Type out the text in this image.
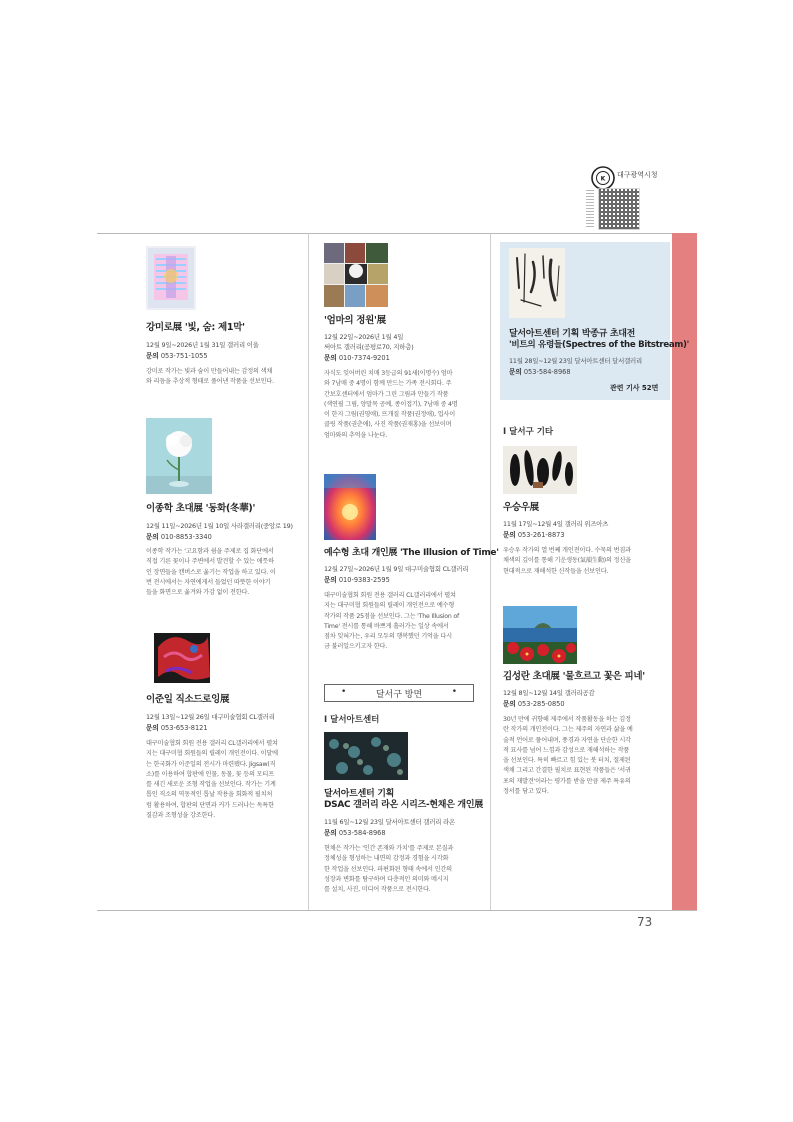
K 대구광역시청
강미로展 '빛, 숨: 제1막'
12월 9일~2026년 1월 31일 갤러리 이울
문의 053-751-1055
강미로 작가는 빛과 숨이 만들어내는 감정의 색채
와 리듬을 추상적 형태로 풀어낸 작품을 선보인다.
이종학 초대展 '동화(冬華)'
12월 11일~2026년 1월 10일 사라갤러리(중앙로 19)
문의 010-8853-3340
이종학 작가는 '고요함과 쉼을 주제로 집 화단에서
직접 기른 꽃이나 주변에서 발견할 수 있는 애틋하
인 장면들을 캔버스로 옮기는 작업을 하고 있다. 이
번 전시에서는 자연에게서 들었던 따뜻한 이야기
들을 화면으로 옮겨와 가감 없이 전한다.
이준일 직소드로잉展
12월 13일~12월 26일 대구미술협회 CL갤러리
문의 053-653-8121
대구미술협회 회원 전용 갤러리 CL갤러리에서 펼쳐
지는 대구미협 회원들의 릴레이 개인전이다. 이달에
는 한국화가 이준일의 전시가 마련됐다. Jigsaw(직
소)를 이용하여 합판에 인물, 동물, 꽃 등의 모티프
를 새긴 새로운 조형 작업을 선보인다. 작가는 기계
톱인 직소의 역동적인 톱날 작용을 회화적 필치처
럼 활용하여, 합판의 단면과 커가 드러나는 독특한
질감과 조형성을 강조한다.
'엄마의 정원'展
12월 22일~2026년 1월 4일
써아트 갤러리(공평로70, 지하층)
문의 010-7374-9201
자식도 잊어버린 치매 3등급의 91세(이명수) 엄마
와 7남매 중 4명이 함께 만드는 가족 전시회다. 주
간보호센터에서 엄마가 그린 그림과 만들기 작품
(색연필 그림, 양말목 공예, 종이접기), 7남매 중 4명
이 한지 그림(권영애), 뜨개질 작품(권정애), 업사이
클링 작품(권춘애), 사진 작품(권재홍)을 선보이며
엄마와의 추억을 나눈다.
예수형 초대 개인展 'The Illusion of Time'
12월 27일~2026년 1월 9일 대구미술협회 CL갤러리
문의 010-9383-2595
대구미술협회 회원 전용 갤러리 CL갤러리에서 펼쳐
지는 대구미협 회원들의 릴레이 개인전으로 예수형
작가의 작품 25점을 선보인다. 그는 'The Illusion of
Time' 전시를 통해 바쁘게 흘러가는 일상 속에서
점차 잊혀가는, 우리 모두의 행복했던 기억을 다시
금 불러일으키고자 한다.
•	달서구 방면	•
I 달서아트센터
달서아트센터 기획
DSAC 갤러리 라온 시리즈-현채은 개인展
11월 6일~12월 23일 달서아트센터 갤러리 라온
문의 053-584-8968
현채은 작가는 '인간 존재와 가치'를 주제로 본질과
정체성을 형성하는 내면의 감정과 경험을 시각화
한 작업을 선보인다. 파편화된 형태 속에서 인간의
성장과 변화를 탐구하며 다층적인 의미와 메시지
를 설치, 사진, 미디어 작품으로 전시한다.
달서아트센터 기획 박종규 초대전
'비트의 유령들(Spectres of the Bitstream)'
11월 28일~12월 23일 달서아트센터 달서갤러리
문의 053-584-8968
관련 기사 52면
I 달서구 기타
우승우展
11월 17일~12월 4일 갤러리 위즈아츠
문의 053-261-8873
우승우 작가의 열 번째 개인전이다. 수묵의 번짐과
채색의 깊이를 통해 기운생동(氣韻生動)의 정신을
현대적으로 재해석한 신작들을 선보인다.
김성란 초대展 '물흐르고 꽃은 피네'
12월 8일~12월 14일 갤러리공감
문의 053-285-0850
30년 만에 귀향해 제주에서 작품활동을 하는 김정
란 작가의 개인전이다. 그는 제주의 자연과 삶을 예
술적 언어로 풀어내며, 풍경과 자연을 단순한 시각
적 묘사를 넘어 느낌과 감성으로 재해석하는 작품
을 선보인다. 특히 빠르고 힘 있는 붓 터치, 절제된
색채 그리고 간결한 필치로 표현된 작품들은 '서귀
포의 재발견'이라는 평가를 받을 만큼 제주 특유의
정서를 담고 있다.
73
